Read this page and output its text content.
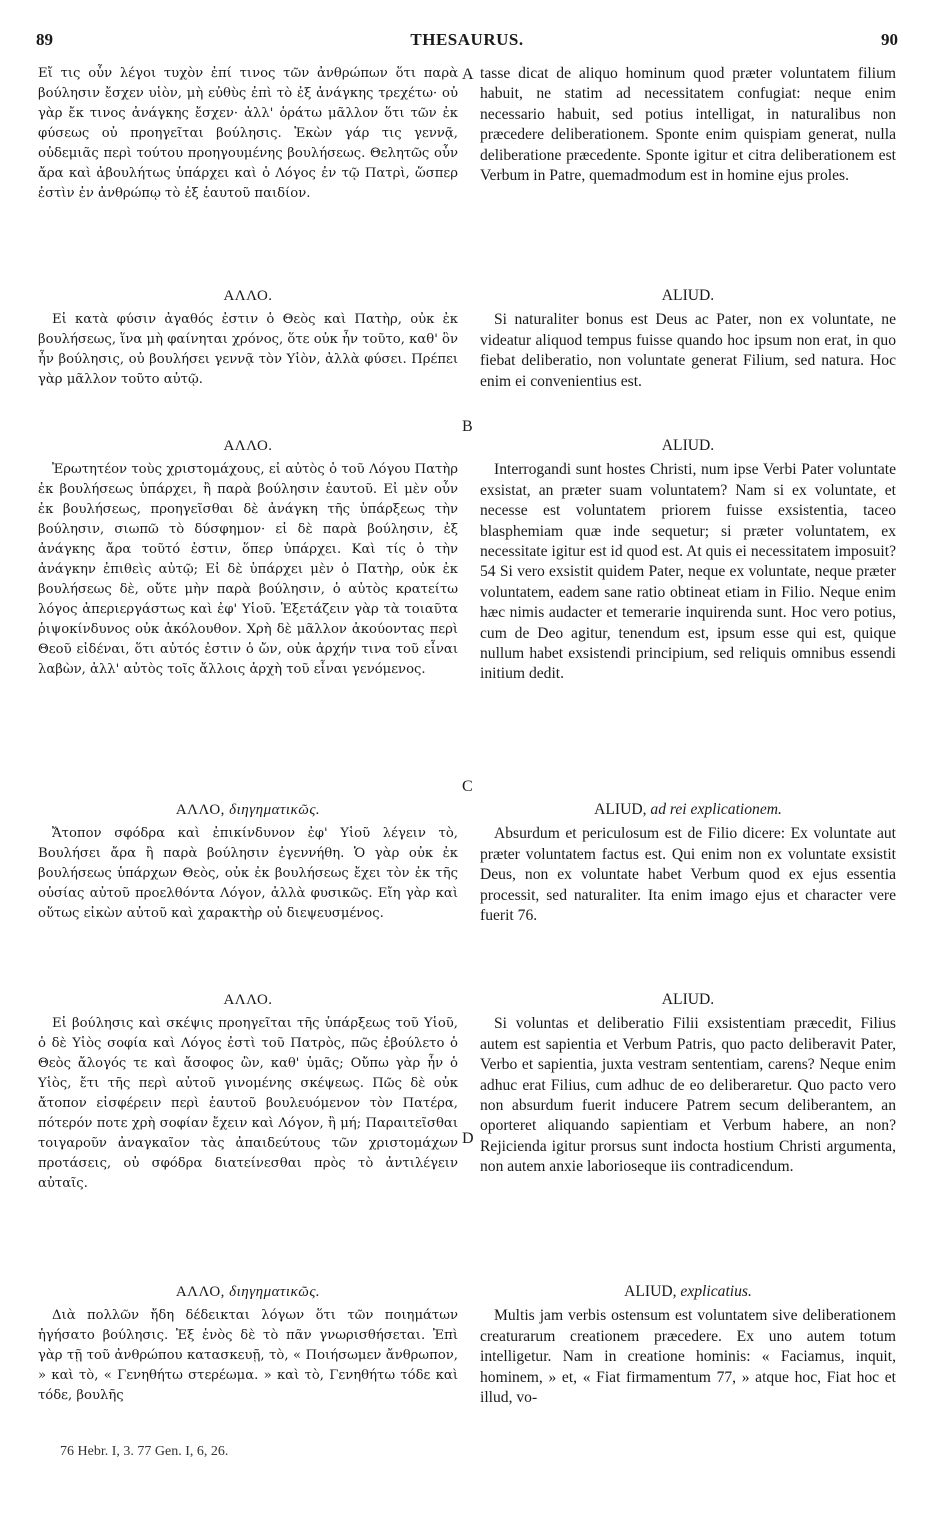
89	THESAURUS.	90

Εἴ τις οὖν λέγοι τυχὸν ἐπί τινος τῶν ἀνθρώπων ὅτι παρὰ βούλησιν ἔσχεν υἱὸν, μὴ εὐθὺς ἐπὶ τὸ ἐξ ἀνάγκης τρεχέτω· οὐ γὰρ ἔκ τινος ἀνάγκης ἔσχεν· ἀλλ' ὁράτω μᾶλλον ὅτι τῶν ἐκ φύσεως οὐ προηγεῖται βούλησις. Ἑκὼν γάρ τις γεννᾷ, οὐδεμιᾶς περὶ τούτου προηγουμένης βουλήσεως. Θελητῶς οὖν ἄρα καὶ ἀβουλήτως ὑπάρχει καὶ ὁ Λόγος ἐν τῷ Πατρὶ, ὥσπερ ἐστὶν ἐν ἀνθρώπῳ τὸ ἐξ ἑαυτοῦ παιδίον.

ΑΛΛΟ.

Εἰ κατὰ φύσιν ἀγαθός ἐστιν ὁ Θεὸς καὶ Πατὴρ, οὐκ ἐκ βουλήσεως, ἵνα μὴ φαίνηται χρόνος, ὅτε οὐκ ἦν τοῦτο, καθ' ὃν ἦν βούλησις, οὐ βουλήσει γεννᾷ τὸν Υἱὸν, ἀλλὰ φύσει. Πρέπει γὰρ μᾶλλον τοῦτο αὐτῷ.

ΑΛΛΟ.

Ἐρωτητέον τοὺς χριστομάχους, εἰ αὐτὸς ὁ τοῦ Λόγου Πατὴρ ἐκ βουλήσεως ὑπάρχει, ἢ παρὰ βούλησιν ἑαυτοῦ. Εἰ μὲν οὖν ἐκ βουλήσεως, προηγεῖσθαι δὲ ἀνάγκη τῆς ὑπάρξεως τὴν βούλησιν, σιωπῶ τὸ δύσφημον· εἰ δὲ παρὰ βούλησιν, ἐξ ἀνάγκης ἄρα τοῦτό ἐστιν, ὅπερ ὑπάρχει. Καὶ τίς ὁ τὴν ἀνάγκην ἐπιθεὶς αὐτῷ; Εἰ δὲ ὑπάρχει μὲν ὁ Πατὴρ, οὐκ ἐκ βουλήσεως δὲ, οὔτε μὴν παρὰ βούλησιν, ὁ αὐτὸς κρατείτω λόγος ἀπεριεργάστως καὶ ἐφ' Υἱοῦ. Ἐξετάζειν γὰρ τὰ τοιαῦτα ῥιψοκίνδυνος οὐκ ἀκόλουθον. Χρὴ δὲ μᾶλλον ἀκούοντας περὶ Θεοῦ εἰδέναι, ὅτι αὐτός ἐστιν ὁ ὤν, οὐκ ἀρχήν τινα τοῦ εἶναι λαβὼν, ἀλλ' αὐτὸς τοῖς ἄλλοις ἀρχὴ τοῦ εἶναι γενόμενος.

ΑΛΛΟ, διηγηματικῶς.

Ἄτοπον σφόδρα καὶ ἐπικίνδυνον ἐφ' Υἱοῦ λέγειν τὸ, Βουλήσει ἄρα ἢ παρὰ βούλησιν ἐγεννήθη. Ὁ γὰρ οὐκ ἐκ βουλήσεως ὑπάρχων Θεὸς, οὐκ ἐκ βουλήσεως ἔχει τὸν ἐκ τῆς οὐσίας αὐτοῦ προελθόντα Λόγον, ἀλλὰ φυσικῶς. Εἴη γὰρ καὶ οὕτως εἰκὼν αὐτοῦ καὶ χαρακτὴρ οὐ διεψευσμένος.

ΑΛΛΟ.

Εἰ βούλησις καὶ σκέψις προηγεῖται τῆς ὑπάρξεως τοῦ Υἱοῦ, ὁ δὲ Υἱὸς σοφία καὶ Λόγος ἐστὶ τοῦ Πατρὸς, πῶς ἐβούλετο ὁ Θεὸς ἄλογός τε καὶ ἄσοφος ὢν, καθ' ὑμᾶς; Οὔπω γὰρ ἦν ὁ Υἱὸς, ἔτι τῆς περὶ αὐτοῦ γινομένης σκέψεως. Πῶς δὲ οὐκ ἄτοπον εἰσφέρειν περὶ ἑαυτοῦ βουλευόμενον τὸν Πατέρα, πότερόν ποτε χρὴ σοφίαν ἔχειν καὶ Λόγον, ἢ μή; Παραιτεῖσθαι τοιγαροῦν ἀναγκαῖον τὰς ἀπαιδεύτους τῶν χριστομάχων προτάσεις, οὐ σφόδρα διατείνεσθαι πρὸς τὸ ἀντιλέγειν αὐταῖς.

ΑΛΛΟ, διηγηματικῶς.

Διὰ πολλῶν ἤδη δέδεικται λόγων ὅτι τῶν ποιημάτων ἡγήσατο βούλησις. Ἐξ ἑνὸς δὲ τὸ πᾶν γνωρισθήσεται. Ἐπὶ γὰρ τῇ τοῦ ἀνθρώπου κατασκευῇ, τὸ, « Ποιήσωμεν ἄνθρωπον, » καὶ τὸ, « Γενηθήτω στερέωμα. » καὶ τὸ, Γενηθήτω τόδε καὶ τόδε, βουλῆς

tasse dicat de aliquo hominum quod præter voluntatem filium habuit, ne statim ad necessitatem confugiat: neque enim necessario habuit, sed potius intelligat, in naturalibus non præcedere deliberationem. Sponte enim quispiam generat, nulla deliberatione præcedente. Sponte igitur et citra deliberationem est Verbum in Patre, quemadmodum est in homine ejus proles.

ALIUD.

Si naturaliter bonus est Deus ac Pater, non ex voluntate, ne videatur aliquod tempus fuisse quando hoc ipsum non erat, in quo fiebat deliberatio, non voluntate generat Filium, sed natura. Hoc enim ei convenientius est.

ALIUD.

Interrogandi sunt hostes Christi, num ipse Verbi Pater voluntate exsistat, an præter suam voluntatem? Nam si ex voluntate, et necesse est voluntatem priorem fuisse exsistentia, taceo blasphemiam quæ inde sequetur; si præter voluntatem, ex necessitate igitur est id quod est. At quis ei necessitatem imposuit? 54 Si vero exsistit quidem Pater, neque ex voluntate, neque præter voluntatem, eadem sane ratio obtineat etiam in Filio. Neque enim hæc nimis audacter et temerarie inquirenda sunt. Hoc vero potius, cum de Deo agitur, tenendum est, ipsum esse qui est, quique nullum habet exsistendi principium, sed reliquis omnibus essendi initium dedit.

ALIUD, ad rei explicationem.

Absurdum et periculosum est de Filio dicere: Ex voluntate aut præter voluntatem factus est. Qui enim non ex voluntate exsistit Deus, non ex voluntate habet Verbum quod ex ejus essentia processit, sed naturaliter. Ita enim imago ejus et character vere fuerit 76.

ALIUD.

Si voluntas et deliberatio Filii exsistentiam præcedit, Filius autem est sapientia et Verbum Patris, quo pacto deliberavit Pater, Verbo et sapientia, juxta vestram sententiam, carens? Neque enim adhuc erat Filius, cum adhuc de eo deliberaretur. Quo pacto vero non absurdum fuerit inducere Patrem secum deliberantem, an oporteret aliquando sapientiam et Verbum habere, an non? Rejicienda igitur prorsus sunt indocta hostium Christi argumenta, non autem anxie laborioseque iis contradicendum.

ALIUD, explicatius.

Multis jam verbis ostensum est voluntatem sive deliberationem creaturarum creationem præcedere. Ex uno autem totum intelligetur. Nam in creatione hominis: « Faciamus, inquit, hominem, » et, « Fiat firmamentum 77, » atque hoc, Fiat hoc et illud, vo-

A
B
C
D
76 Hebr. I, 3. 77 Gen. I, 6, 26.
